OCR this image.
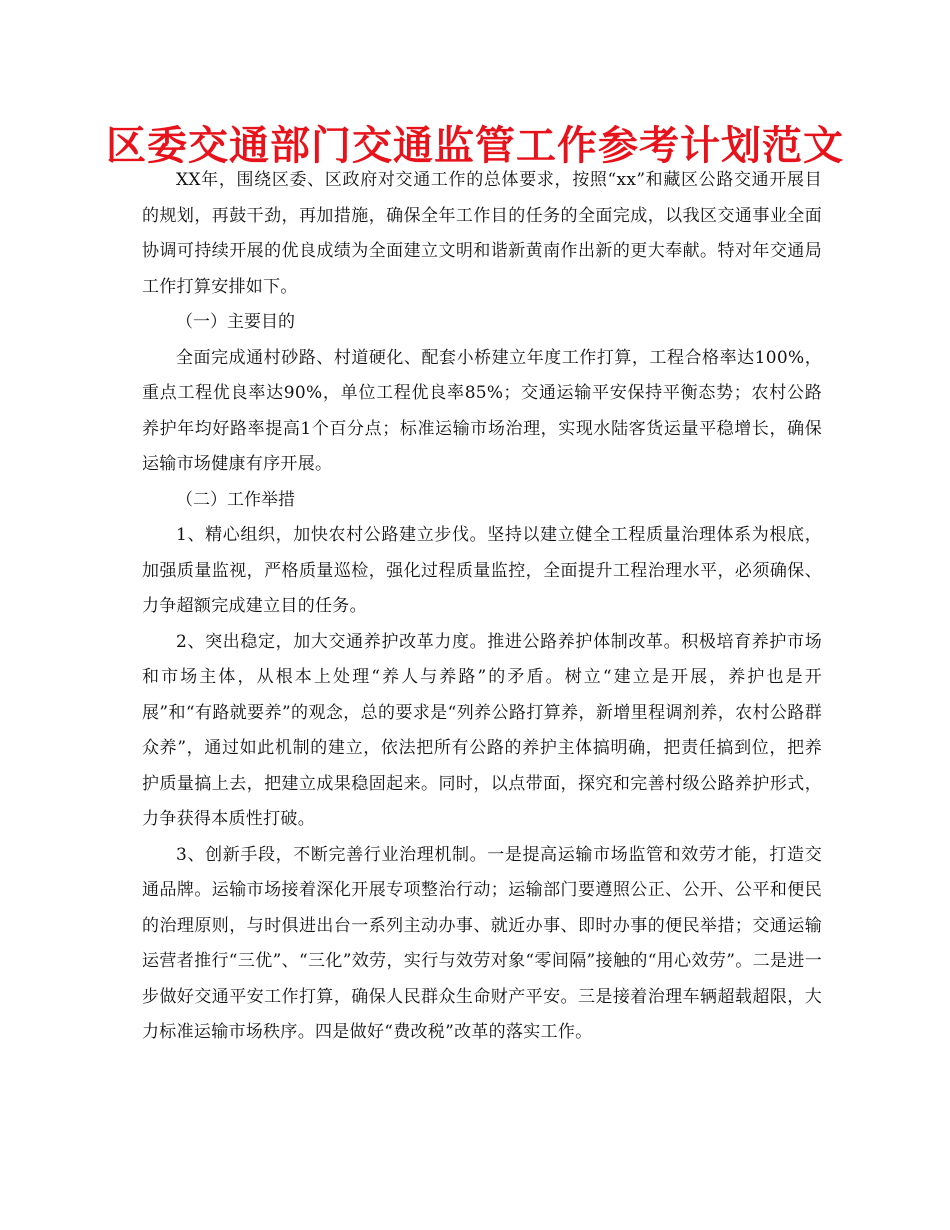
区委交通部门交通监管工作参考计划范文

XX年，围绕区委、区政府对交通工作的总体要求，按照“xx”和藏区公路交通开展目的规划，再鼓干劲，再加措施，确保全年工作目的任务的全面完成，以我区交通事业全面协调可持续开展的优良成绩为全面建立文明和谐新黄南作出新的更大奉献。特对年交通局工作打算安排如下。

（一）主要目的

全面完成通村砂路、村道硬化、配套小桥建立年度工作打算，工程合格率达100%，重点工程优良率达90%，单位工程优良率85%；交通运输平安保持平衡态势；农村公路养护年均好路率提高1个百分点；标准运输市场治理，实现水陆客货运量平稳增长，确保运输市场健康有序开展。

（二）工作举措

1、精心组织，加快农村公路建立步伐。坚持以建立健全工程质量治理体系为根底，加强质量监视，严格质量巡检，强化过程质量监控，全面提升工程治理水平，必须确保、力争超额完成建立目的任务。

2、突出稳定，加大交通养护改革力度。推进公路养护体制改革。积极培育养护市场和市场主体，从根本上处理“养人与养路”的矛盾。树立“建立是开展，养护也是开展”和“有路就要养”的观念，总的要求是“列养公路打算养，新增里程调剂养，农村公路群众养”，通过如此机制的建立，依法把所有公路的养护主体搞明确，把责任搞到位，把养护质量搞上去，把建立成果稳固起来。同时，以点带面，探究和完善村级公路养护形式，力争获得本质性打破。

3、创新手段，不断完善行业治理机制。一是提高运输市场监管和效劳才能，打造交通品牌。运输市场接着深化开展专项整治行动；运输部门要遵照公正、公开、公平和便民的治理原则，与时俱进出台一系列主动办事、就近办事、即时办事的便民举措；交通运输运营者推行“三优”、“三化”效劳，实行与效劳对象“零间隔”接触的“用心效劳”。二是进一步做好交通平安工作打算，确保人民群众生命财产平安。三是接着治理车辆超载超限，大力标准运输市场秩序。四是做好“费改税”改革的落实工作。
